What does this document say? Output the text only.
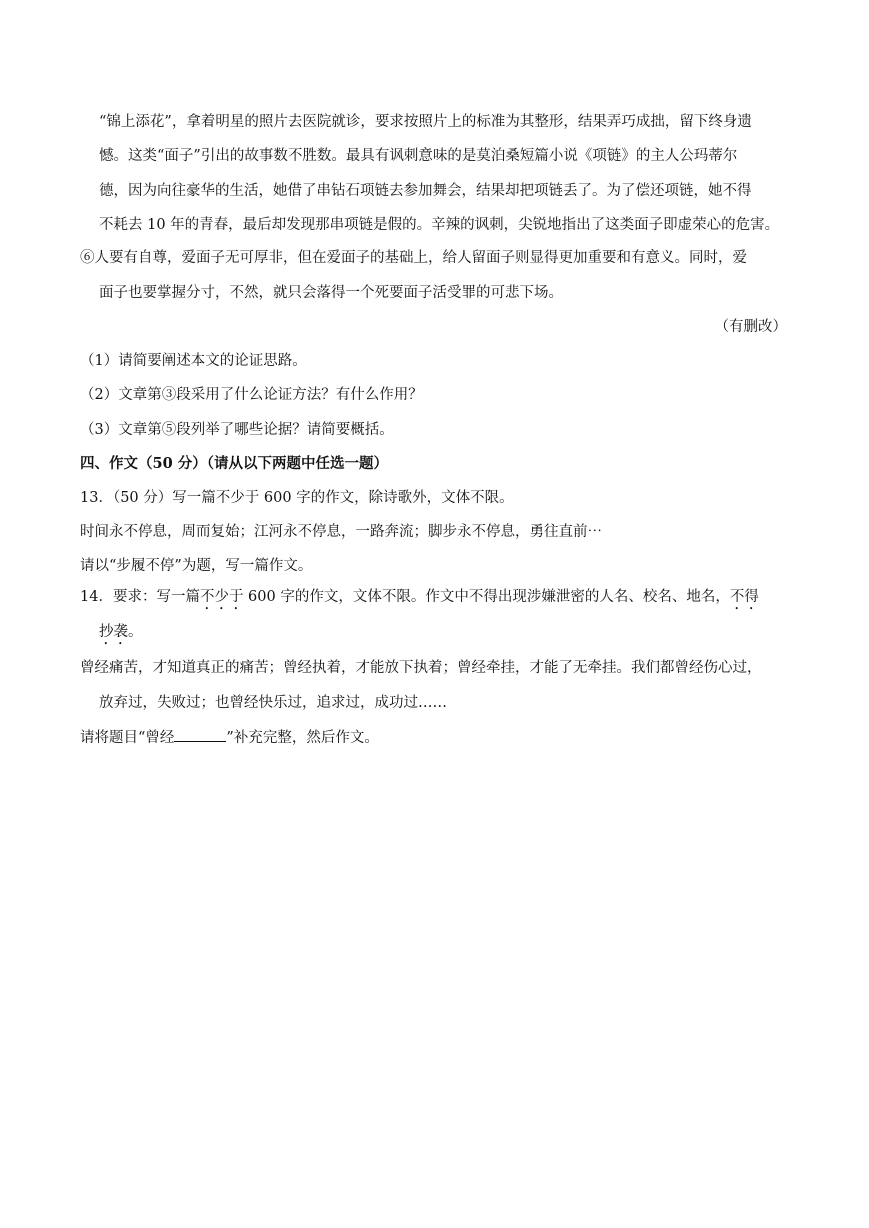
“锦上添花”，拿着明星的照片去医院就诊，要求按照片上的标准为其整形，结果弄巧成拙，留下终身遗
憾。这类“面子”引出的故事数不胜数。最具有讽刺意味的是莫泊桑短篇小说《项链》的主人公玛蒂尔
德，因为向往豪华的生活，她借了串钻石项链去参加舞会，结果却把项链丢了。为了偿还项链，她不得
不耗去 10 年的青春，最后却发现那串项链是假的。辛辣的讽刺，尖锐地指出了这类面子即虚荣心的危害。
⑥人要有自尊，爱面子无可厚非，但在爱面子的基础上，给人留面子则显得更加重要和有意义。同时，爱
面子也要掌握分寸，不然，就只会落得一个死要面子活受罪的可悲下场。
（有删改）
（1）请简要阐述本文的论证思路。
（2）文章第③段采用了什么论证方法？有什么作用？
（3）文章第⑤段列举了哪些论据？请简要概括。
四、作文（50 分）（请从以下两题中任选一题）
13．（50 分）写一篇不少于 600 字的作文，除诗歌外，文体不限。
时间永不停息，周而复始；江河永不停息，一路奔流；脚步永不停息，勇往直前⋯
请以“步履不停”为题，写一篇作文。
14．要求：写一篇不少于 600 字的作文，文体不限。作文中不得出现涉嫌泄密的人名、校名、地名，不得
抄袭。
曾经痛苦，才知道真正的痛苦；曾经执着，才能放下执着；曾经牵挂，才能了无牵挂。我们都曾经伤心过，
放弃过，失败过；也曾经快乐过，追求过，成功过……
请将题目“曾经	”补充完整，然后作文。
